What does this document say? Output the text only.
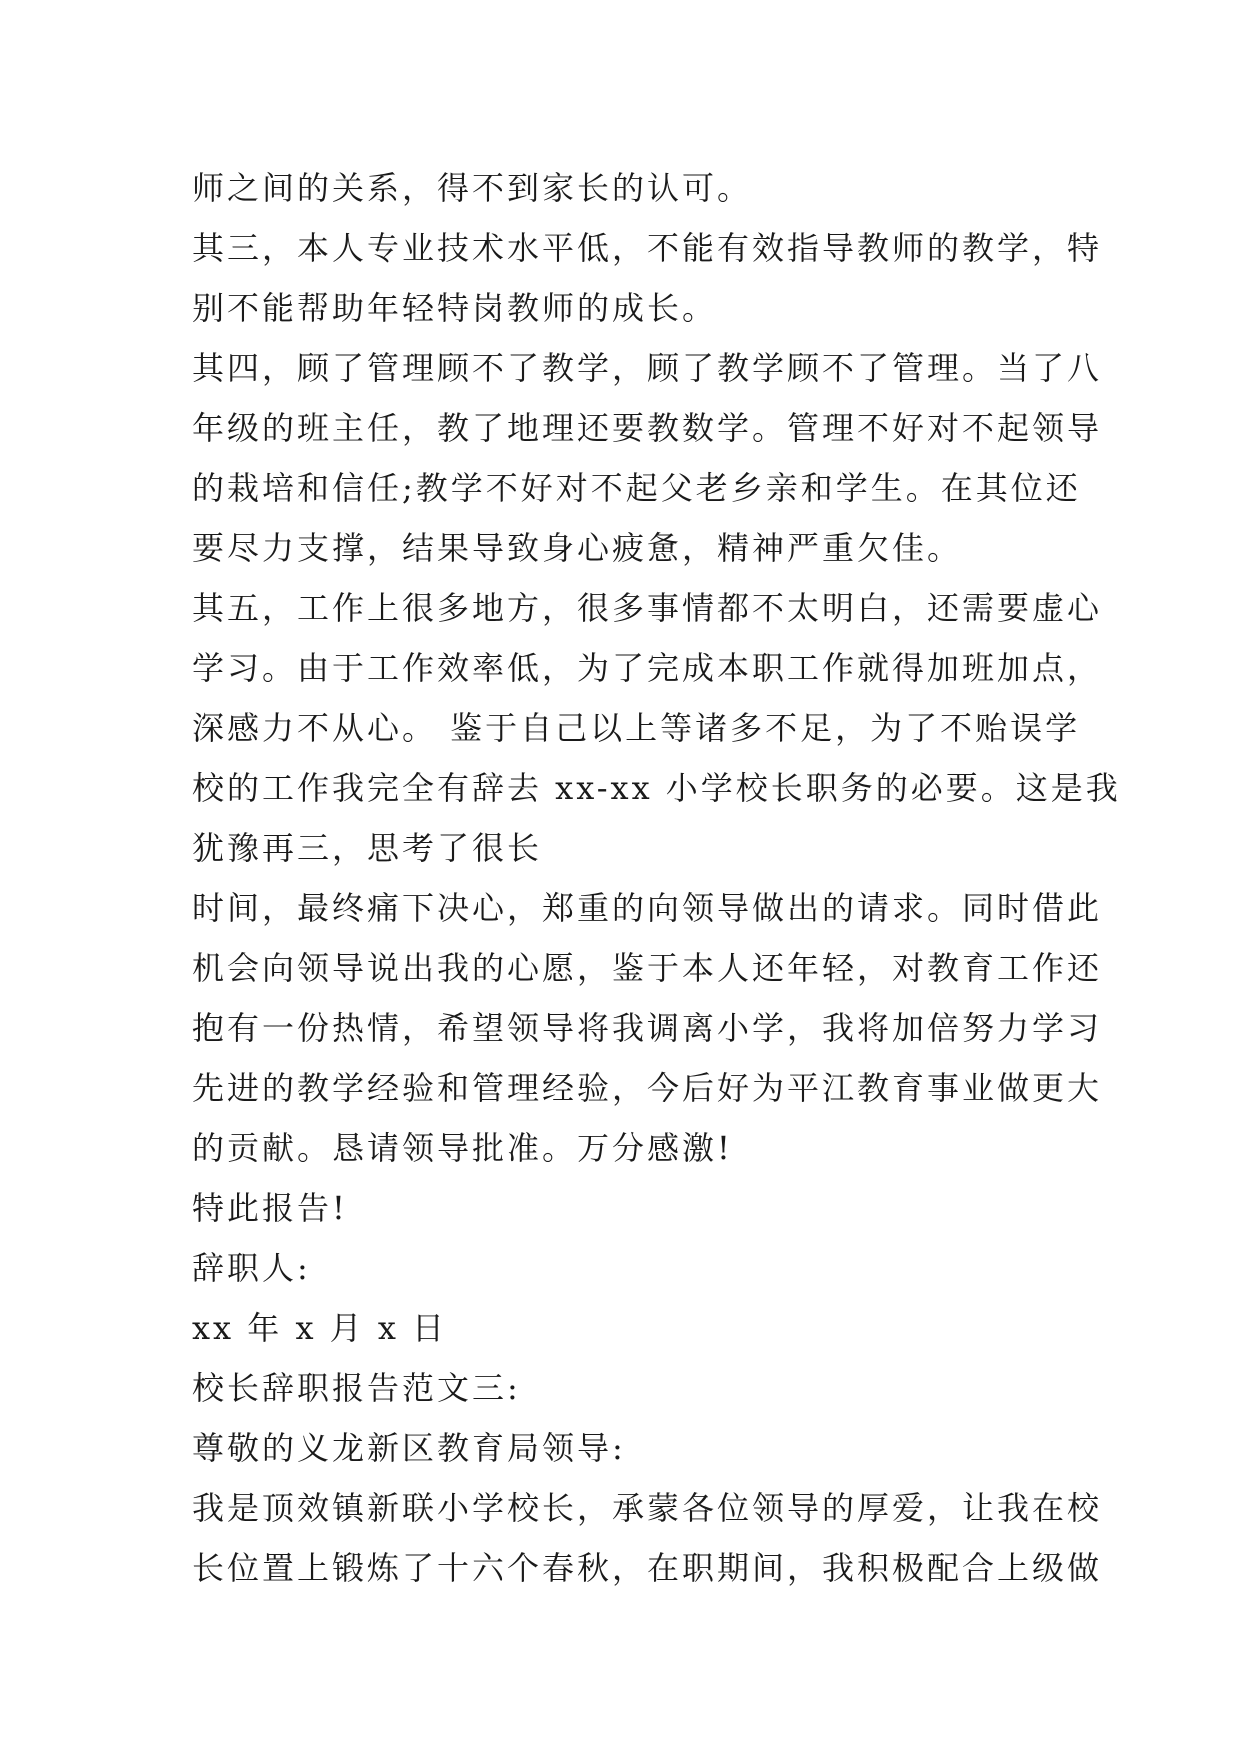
师之间的关系，得不到家长的认可。
其三，本人专业技术水平低，不能有效指导教师的教学，特
别不能帮助年轻特岗教师的成长。
其四，顾了管理顾不了教学，顾了教学顾不了管理。当了八
年级的班主任，教了地理还要教数学。管理不好对不起领导
的栽培和信任;教学不好对不起父老乡亲和学生。在其位还
要尽力支撑，结果导致身心疲惫，精神严重欠佳。
其五，工作上很多地方，很多事情都不太明白，还需要虚心
学习。由于工作效率低，为了完成本职工作就得加班加点，
深感力不从心。 鉴于自己以上等诸多不足，为了不贻误学
校的工作我完全有辞去 xx-xx 小学校长职务的必要。这是我
犹豫再三，思考了很长
时间，最终痛下决心，郑重的向领导做出的请求。同时借此
机会向领导说出我的心愿，鉴于本人还年轻，对教育工作还
抱有一份热情，希望领导将我调离小学，我将加倍努力学习
先进的教学经验和管理经验，今后好为平江教育事业做更大
的贡献。恳请领导批准。万分感激!
特此报告!
辞职人:
xx 年 x 月 x 日
校长辞职报告范文三:
尊敬的义龙新区教育局领导:
我是顶效镇新联小学校长，承蒙各位领导的厚爱，让我在校
长位置上锻炼了十六个春秋，在职期间，我积极配合上级做
